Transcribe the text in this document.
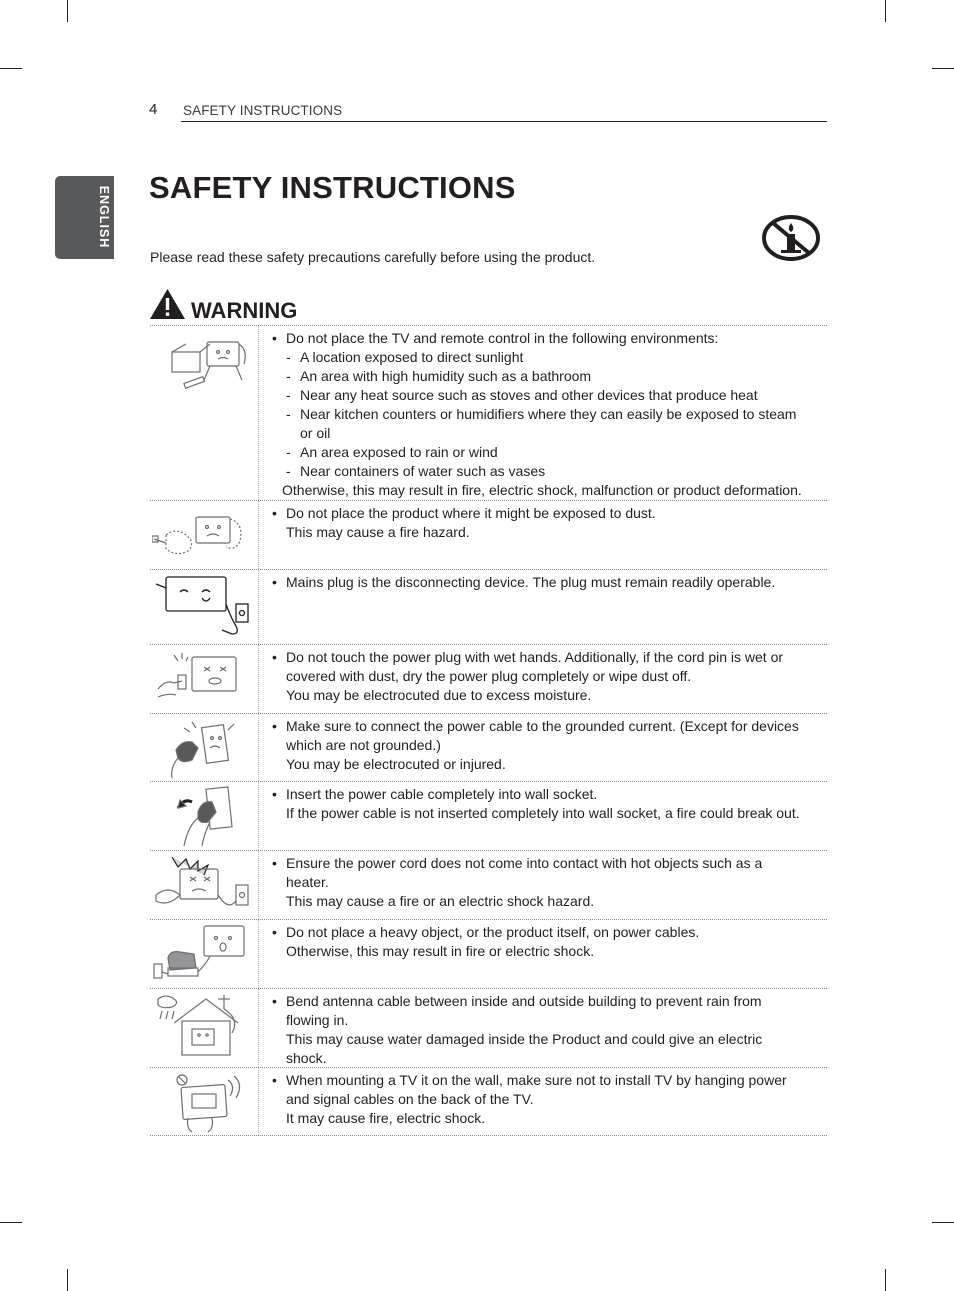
4 SAFETY INSTRUCTIONS
ENGLISH SAFETY INSTRUCTIONS
Please read these safety precautions carefully before using the product.
WARNING
• Do not place the TV and remote control in the following environments:
- A location exposed to direct sunlight
- An area with high humidity such as a bathroom
- Near any heat source such as stoves and other devices that produce heat
- Near kitchen counters or humidifiers where they can easily be exposed to steam
or oil
- An area exposed to rain or wind
- Near containers of water such as vases
Otherwise, this may result in fire, electric shock, malfunction or product deformation.
• Do not place the product where it might be exposed to dust.
This may cause a fire hazard.
• Mains plug is the disconnecting device. The plug must remain readily operable.
• Do not touch the power plug with wet hands. Additionally, if the cord pin is wet or
covered with dust, dry the power plug completely or wipe dust off.
You may be electrocuted due to excess moisture.
• Make sure to connect the power cable to the grounded current. (Except for devices
which are not grounded.)
You may be electrocuted or injured.
• Insert the power cable completely into wall socket.
If the power cable is not inserted completely into wall socket, a fire could break out.
• Ensure the power cord does not come into contact with hot objects such as a
heater.
This may cause a fire or an electric shock hazard.
• Do not place a heavy object, or the product itself, on power cables.
Otherwise, this may result in fire or electric shock.
• Bend antenna cable between inside and outside building to prevent rain from
flowing in.
This may cause water damaged inside the Product and could give an electric
shock.
• When mounting a TV it on the wall, make sure not to install TV by hanging power
and signal cables on the back of the TV.
It may cause fire, electric shock.
